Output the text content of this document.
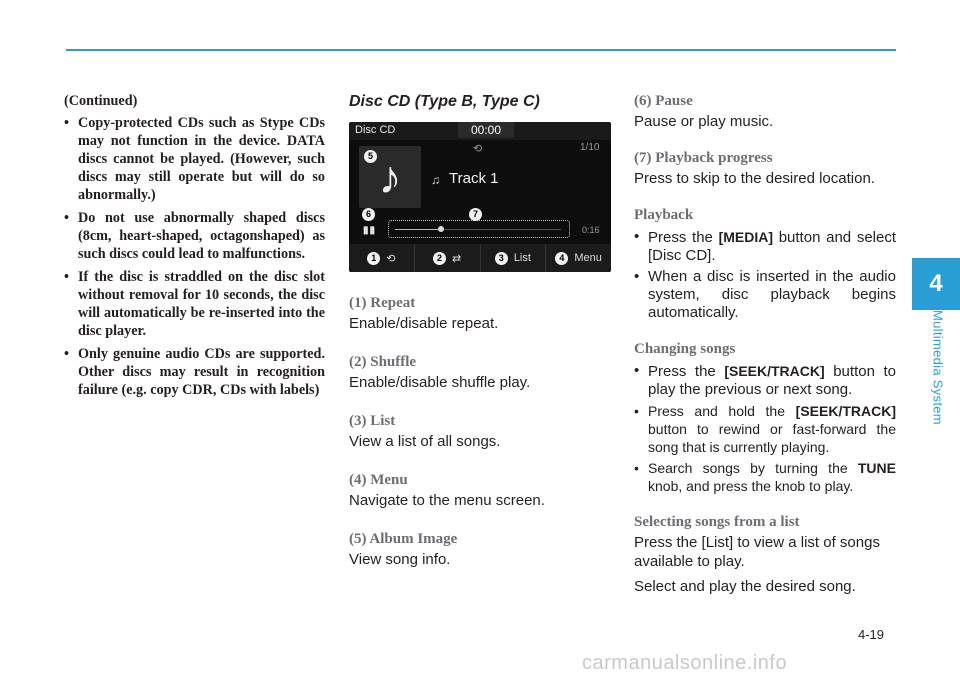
4
Multimedia System

(Continued)

• Copy-protected CDs such as Stype CDs may not function in the device. DATA discs cannot be played. (However, such discs may still operate but will do so abnormally.)
• Do not use abnormally shaped discs (8cm, heart-shaped, octagonshaped) as such discs could lead to malfunctions.
• If the disc is straddled on the disc slot without removal for 10 seconds, the disc will automatically be re-inserted into the disc player.
• Only genuine audio CDs are supported. Other discs may result in recognition failure (e.g. copy CDR, CDs with labels)

Disc CD (Type B, Type C)

Disc CD	00:00
♪
⟲	1/10
♫ Track 1
▮▮	0:16
1 ⟲	2 ⇄	3 List	4 Menu
5
6	7

(1) Repeat

Enable/disable repeat.

(2) Shuffle

Enable/disable shuffle play.

(3) List

View a list of all songs.

(4) Menu

Navigate to the menu screen.

(5) Album Image

View song info.

(6) Pause

Pause or play music.

(7) Playback progress

Press to skip to the desired location.

Playback

• Press the [MEDIA] button and select [Disc CD].
• When a disc is inserted in the audio system, disc playback begins automatically.

Changing songs

• Press the [SEEK/TRACK] button to play the previous or next song.
• Press and hold the [SEEK/TRACK] button to rewind or fast-forward the song that is currently playing.
• Search songs by turning the TUNE knob, and press the knob to play.

Selecting songs from a list

Press the [List] to view a list of songs available to play.

Select and play the desired song.

4-19
carmanualsonline.info
